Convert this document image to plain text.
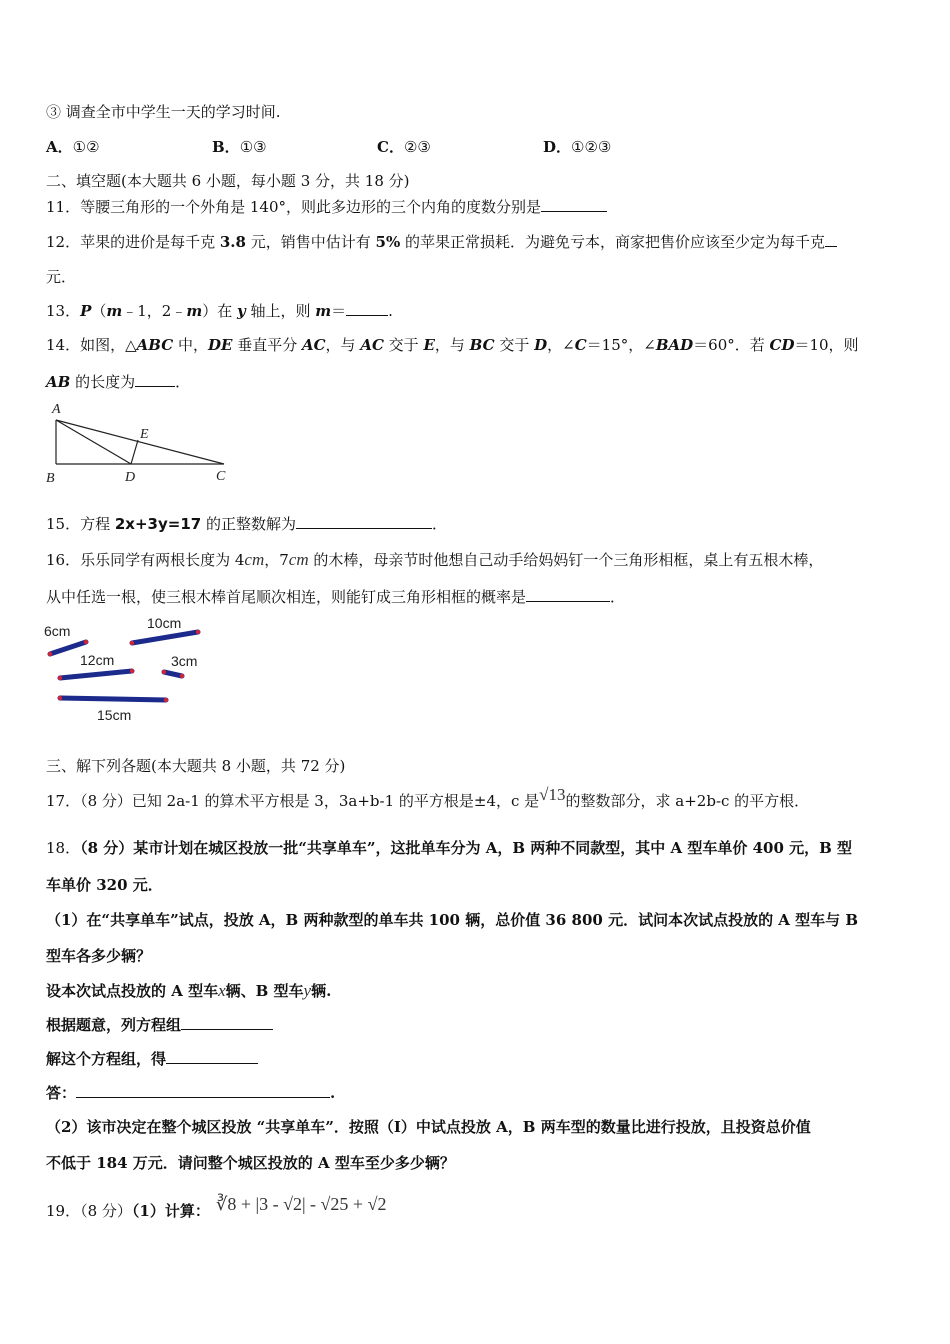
③ 调查全市中学生一天的学习时间.
A．①②	B．①③	C．②③	D．①②③
二、填空题(本大题共 6 小题，每小题 3 分，共 18 分)
11．等腰三角形的一个外角是 140°，则此多边形的三个内角的度数分别是
12．苹果的进价是每千克 3.8 元，销售中估计有 5% 的苹果正常损耗．为避免亏本，商家把售价应该至少定为每千克
元．
13．P（m﹣1，2﹣m）在 y 轴上，则 m＝	.
14．如图，△ABC 中，DE 垂直平分 AC，与 AC 交于 E，与 BC 交于 D，∠C＝15°，∠BAD＝60°．若 CD＝10，则
AB 的长度为	．
A
B	C
D
E
15．方程 2x+3y=17 的正整数解为	．
16．乐乐同学有两根长度为 4cm，7cm 的木棒，母亲节时他想自己动手给妈妈钉一个三角形相框，桌上有五根木棒，
从中任选一根，使三根木棒首尾顺次相连，则能钉成三角形相框的概率是	．
6cm	10cm
12cm	3cm
15cm
三、解下列各题(本大题共 8 小题，共 72 分)
17．（8 分）已知 2a-1 的算术平方根是 3，3a+b-1 的平方根是±4，c 是√13的整数部分，求 a+2b-c 的平方根．
18．（8 分）某市计划在城区投放一批“共享单车”，这批单车分为 A，B 两种不同款型，其中 A 型车单价 400 元，B 型
车单价 320 元．
（1）在“共享单车”试点，投放 A，B 两种款型的单车共 100 辆，总价值 36 800 元．试问本次试点投放的 A 型车与 B
型车各多少辆？
设本次试点投放的 A 型车x辆、B 型车y辆.
根据题意，列方程组
解这个方程组，得
答：	.
（2）该市决定在整个城区投放 “共享单车”．按照（Ⅰ）中试点投放 A，B 两车型的数量比进行投放，且投资总价值
不低于 184 万元．请问整个城区投放的 A 型车至少多少辆？
19．（8 分）（1）计算： ∛8 + |3 - √2| - √25 + √2
